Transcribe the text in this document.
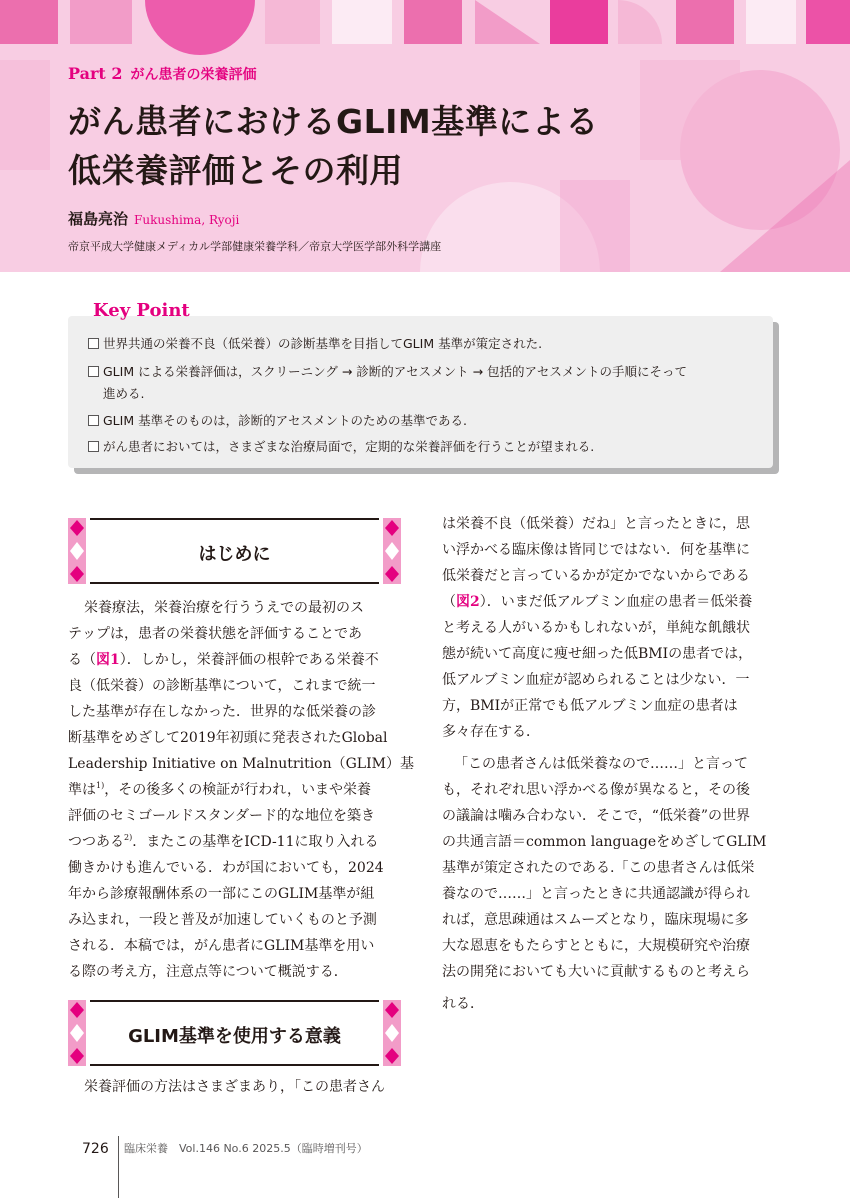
Part 2 がん患者の栄養評価
がん患者におけるGLIM基準による
低栄養評価とその利用
福島亮治 Fukushima, Ryoji
帝京平成大学健康メディカル学部健康栄養学科／帝京大学医学部外科学講座
Key Point
世界共通の栄養不良（低栄養）の診断基準を目指してGLIM 基準が策定された.
GLIM による栄養評価は，スクリーニング → 診断的アセスメント → 包括的アセスメントの手順にそって
進める.
GLIM 基準そのものは，診断的アセスメントのための基準である.
がん患者においては，さまざまな治療局面で，定期的な栄養評価を行うことが望まれる.
はじめに
栄養療法，栄養治療を行ううえでの最初のス
テップは，患者の栄養状態を評価することであ
る（図1）．しかし，栄養評価の根幹である栄養不
良（低栄養）の診断基準について，これまで統一
した基準が存在しなかった．世界的な低栄養の診
断基準をめざして2019年初頭に発表されたGlobal
Leadership Initiative on Malnutrition（GLIM）基
準は$^{1)}$，その後多くの検証が行われ，いまや栄養
評価のセミゴールドスタンダード的な地位を築き
つつある$^{2)}$．またこの基準をICD-11に取り入れる
働きかけも進んでいる．わが国においても，2024
年から診療報酬体系の一部にこのGLIM基準が組
み込まれ，一段と普及が加速していくものと予測
される．本稿では，がん患者にGLIM基準を用い
る際の考え方，注意点等について概説する．
GLIM基準を使用する意義
栄養評価の方法はさまざまあり，「この患者さん
は栄養不良（低栄養）だね」と言ったときに，思
い浮かべる臨床像は皆同じではない．何を基準に
低栄養だと言っているかが定かでないからである
（図2）．いまだ低アルブミン血症の患者＝低栄養
と考える人がいるかもしれないが，単純な飢餓状
態が続いて高度に痩せ細った低BMIの患者では，
低アルブミン血症が認められることは少ない．一
方，BMIが正常でも低アルブミン血症の患者は
多々存在する．
「この患者さんは低栄養なので……」と言って
も，それぞれ思い浮かべる像が異なると，その後
の議論は噛み合わない．そこで，“低栄養”の世界
の共通言語＝common languageをめざしてGLIM
基準が策定されたのである.「この患者さんは低栄
養なので……」と言ったときに共通認識が得られ
れば，意思疎通はスムーズとなり，臨床現場に多
大な恩恵をもたらすとともに，大規模研究や治療
法の開発においても大いに貢献するものと考えら
れる．
726 臨床栄養　Vol.146 No.6 2025.5（臨時増刊号）
